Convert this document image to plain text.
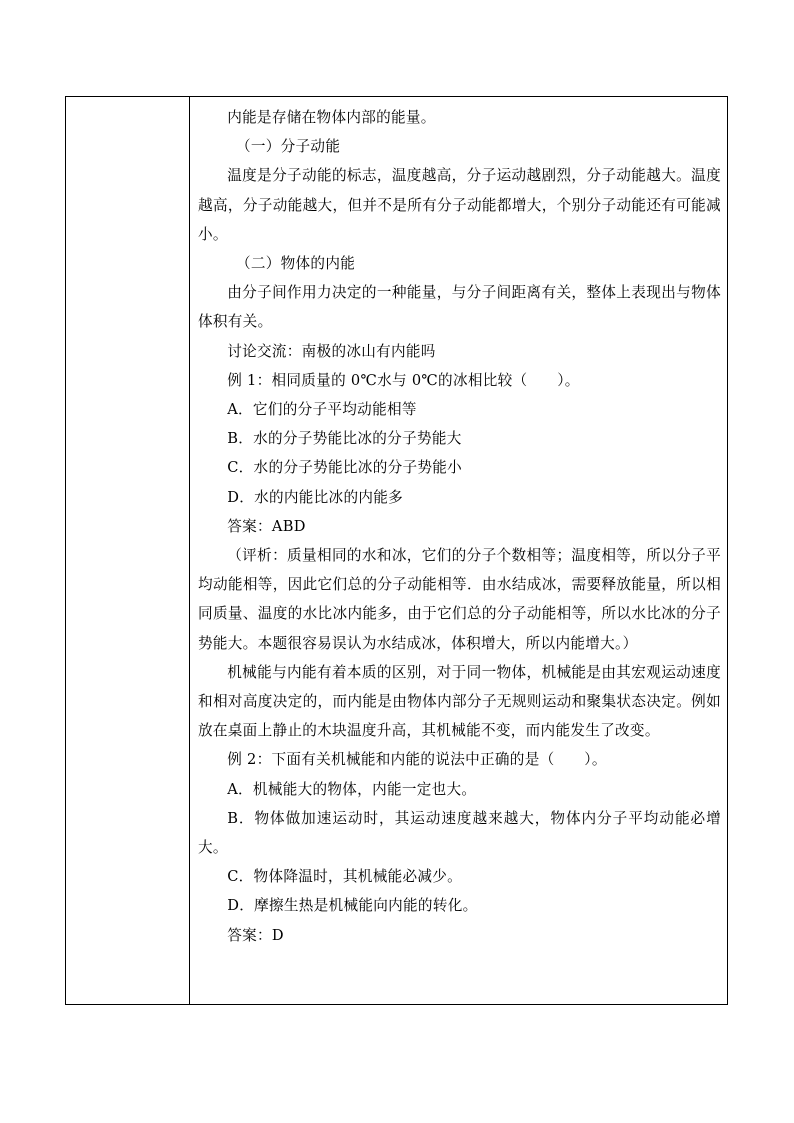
内能是存储在物体内部的能量。

（一）分子动能

温度是分子动能的标志，温度越高，分子运动越剧烈，分子动能越大。温度越高，分子动能越大，但并不是所有分子动能都增大，个别分子动能还有可能减小。

（二）物体的内能

由分子间作用力决定的一种能量，与分子间距离有关，整体上表现出与物体体积有关。

讨论交流：南极的冰山有内能吗

例 1：相同质量的 0℃水与 0℃的冰相比较（　　）。

A．它们的分子平均动能相等

B．水的分子势能比冰的分子势能大

C．水的分子势能比冰的分子势能小

D．水的内能比冰的内能多

答案：ABD

（评析：质量相同的水和冰，它们的分子个数相等；温度相等，所以分子平均动能相等，因此它们总的分子动能相等．由水结成冰，需要释放能量，所以相同质量、温度的水比冰内能多，由于它们总的分子动能相等，所以水比冰的分子势能大。本题很容易误认为水结成冰，体积增大，所以内能增大。）

机械能与内能有着本质的区别，对于同一物体，机械能是由其宏观运动速度和相对高度决定的，而内能是由物体内部分子无规则运动和聚集状态决定。例如放在桌面上静止的木块温度升高，其机械能不变，而内能发生了改变。

例 2：下面有关机械能和内能的说法中正确的是（　　）。

A．机械能大的物体，内能一定也大。

B．物体做加速运动时，其运动速度越来越大，物体内分子平均动能必增大。

C．物体降温时，其机械能必减少。

D．摩擦生热是机械能向内能的转化。

答案：D
